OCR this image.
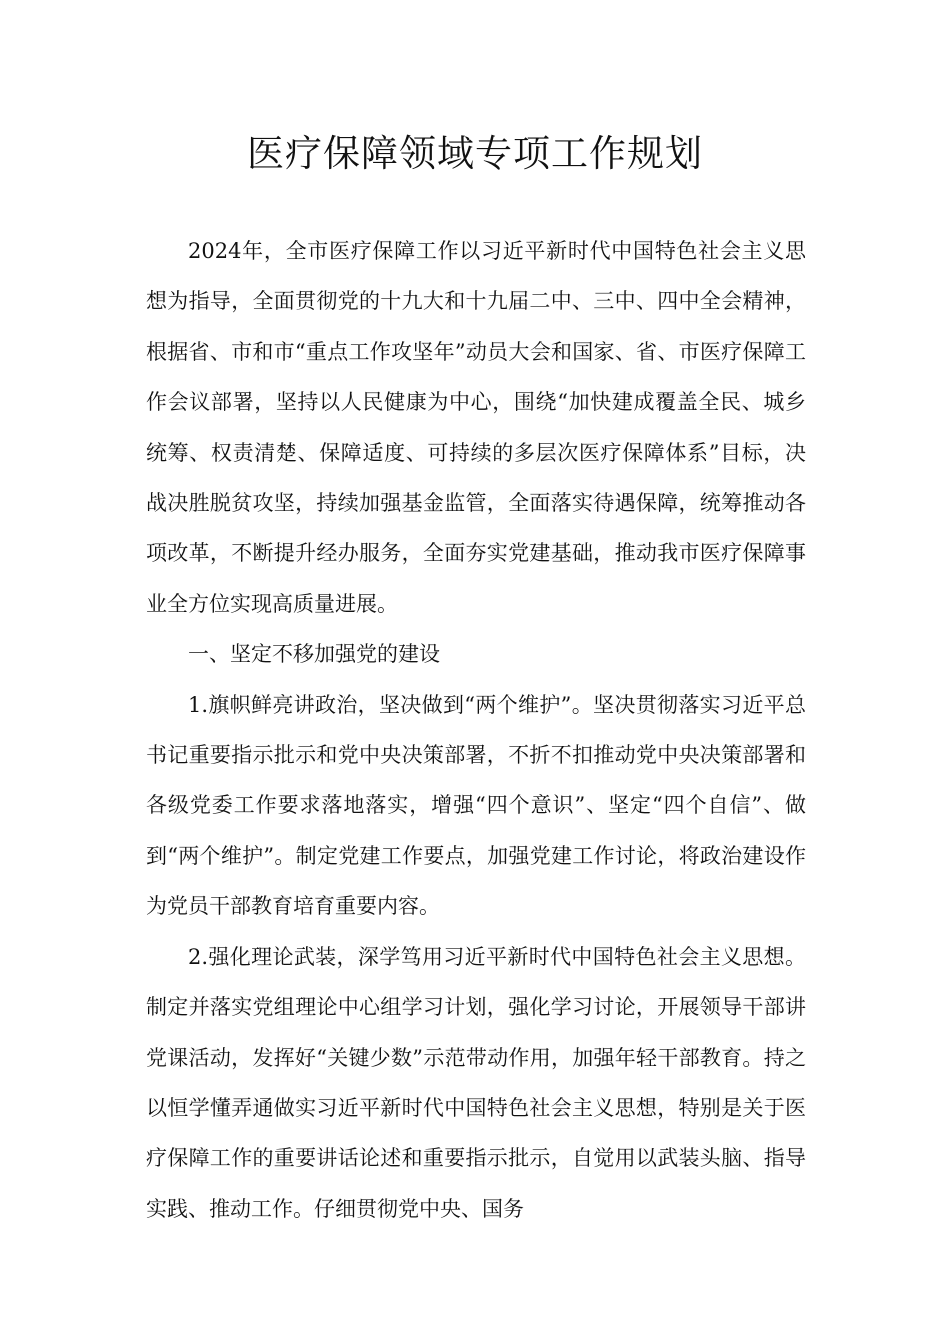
医疗保障领域专项工作规划

2024年，全市医疗保障工作以习近平新时代中国特色社会主义思想为指导，全面贯彻党的十九大和十九届二中、三中、四中全会精神，根据省、市和市“重点工作攻坚年”动员大会和国家、省、市医疗保障工作会议部署，坚持以人民健康为中心，围绕“加快建成覆盖全民、城乡统筹、权责清楚、保障适度、可持续的多层次医疗保障体系”目标，决战决胜脱贫攻坚，持续加强基金监管，全面落实待遇保障，统筹推动各项改革，不断提升经办服务，全面夯实党建基础，推动我市医疗保障事业全方位实现高质量进展。

一、坚定不移加强党的建设

1.旗帜鲜亮讲政治，坚决做到“两个维护”。坚决贯彻落实习近平总书记重要指示批示和党中央决策部署，不折不扣推动党中央决策部署和各级党委工作要求落地落实，增强“四个意识”、坚定“四个自信”、做到“两个维护”。制定党建工作要点，加强党建工作讨论，将政治建设作为党员干部教育培育重要内容。

2.强化理论武装，深学笃用习近平新时代中国特色社会主义思想。制定并落实党组理论中心组学习计划，强化学习讨论，开展领导干部讲党课活动，发挥好“关键少数”示范带动作用，加强年轻干部教育。持之以恒学懂弄通做实习近平新时代中国特色社会主义思想，特别是关于医疗保障工作的重要讲话论述和重要指示批示，自觉用以武装头脑、指导实践、推动工作。仔细贯彻党中央、国务
